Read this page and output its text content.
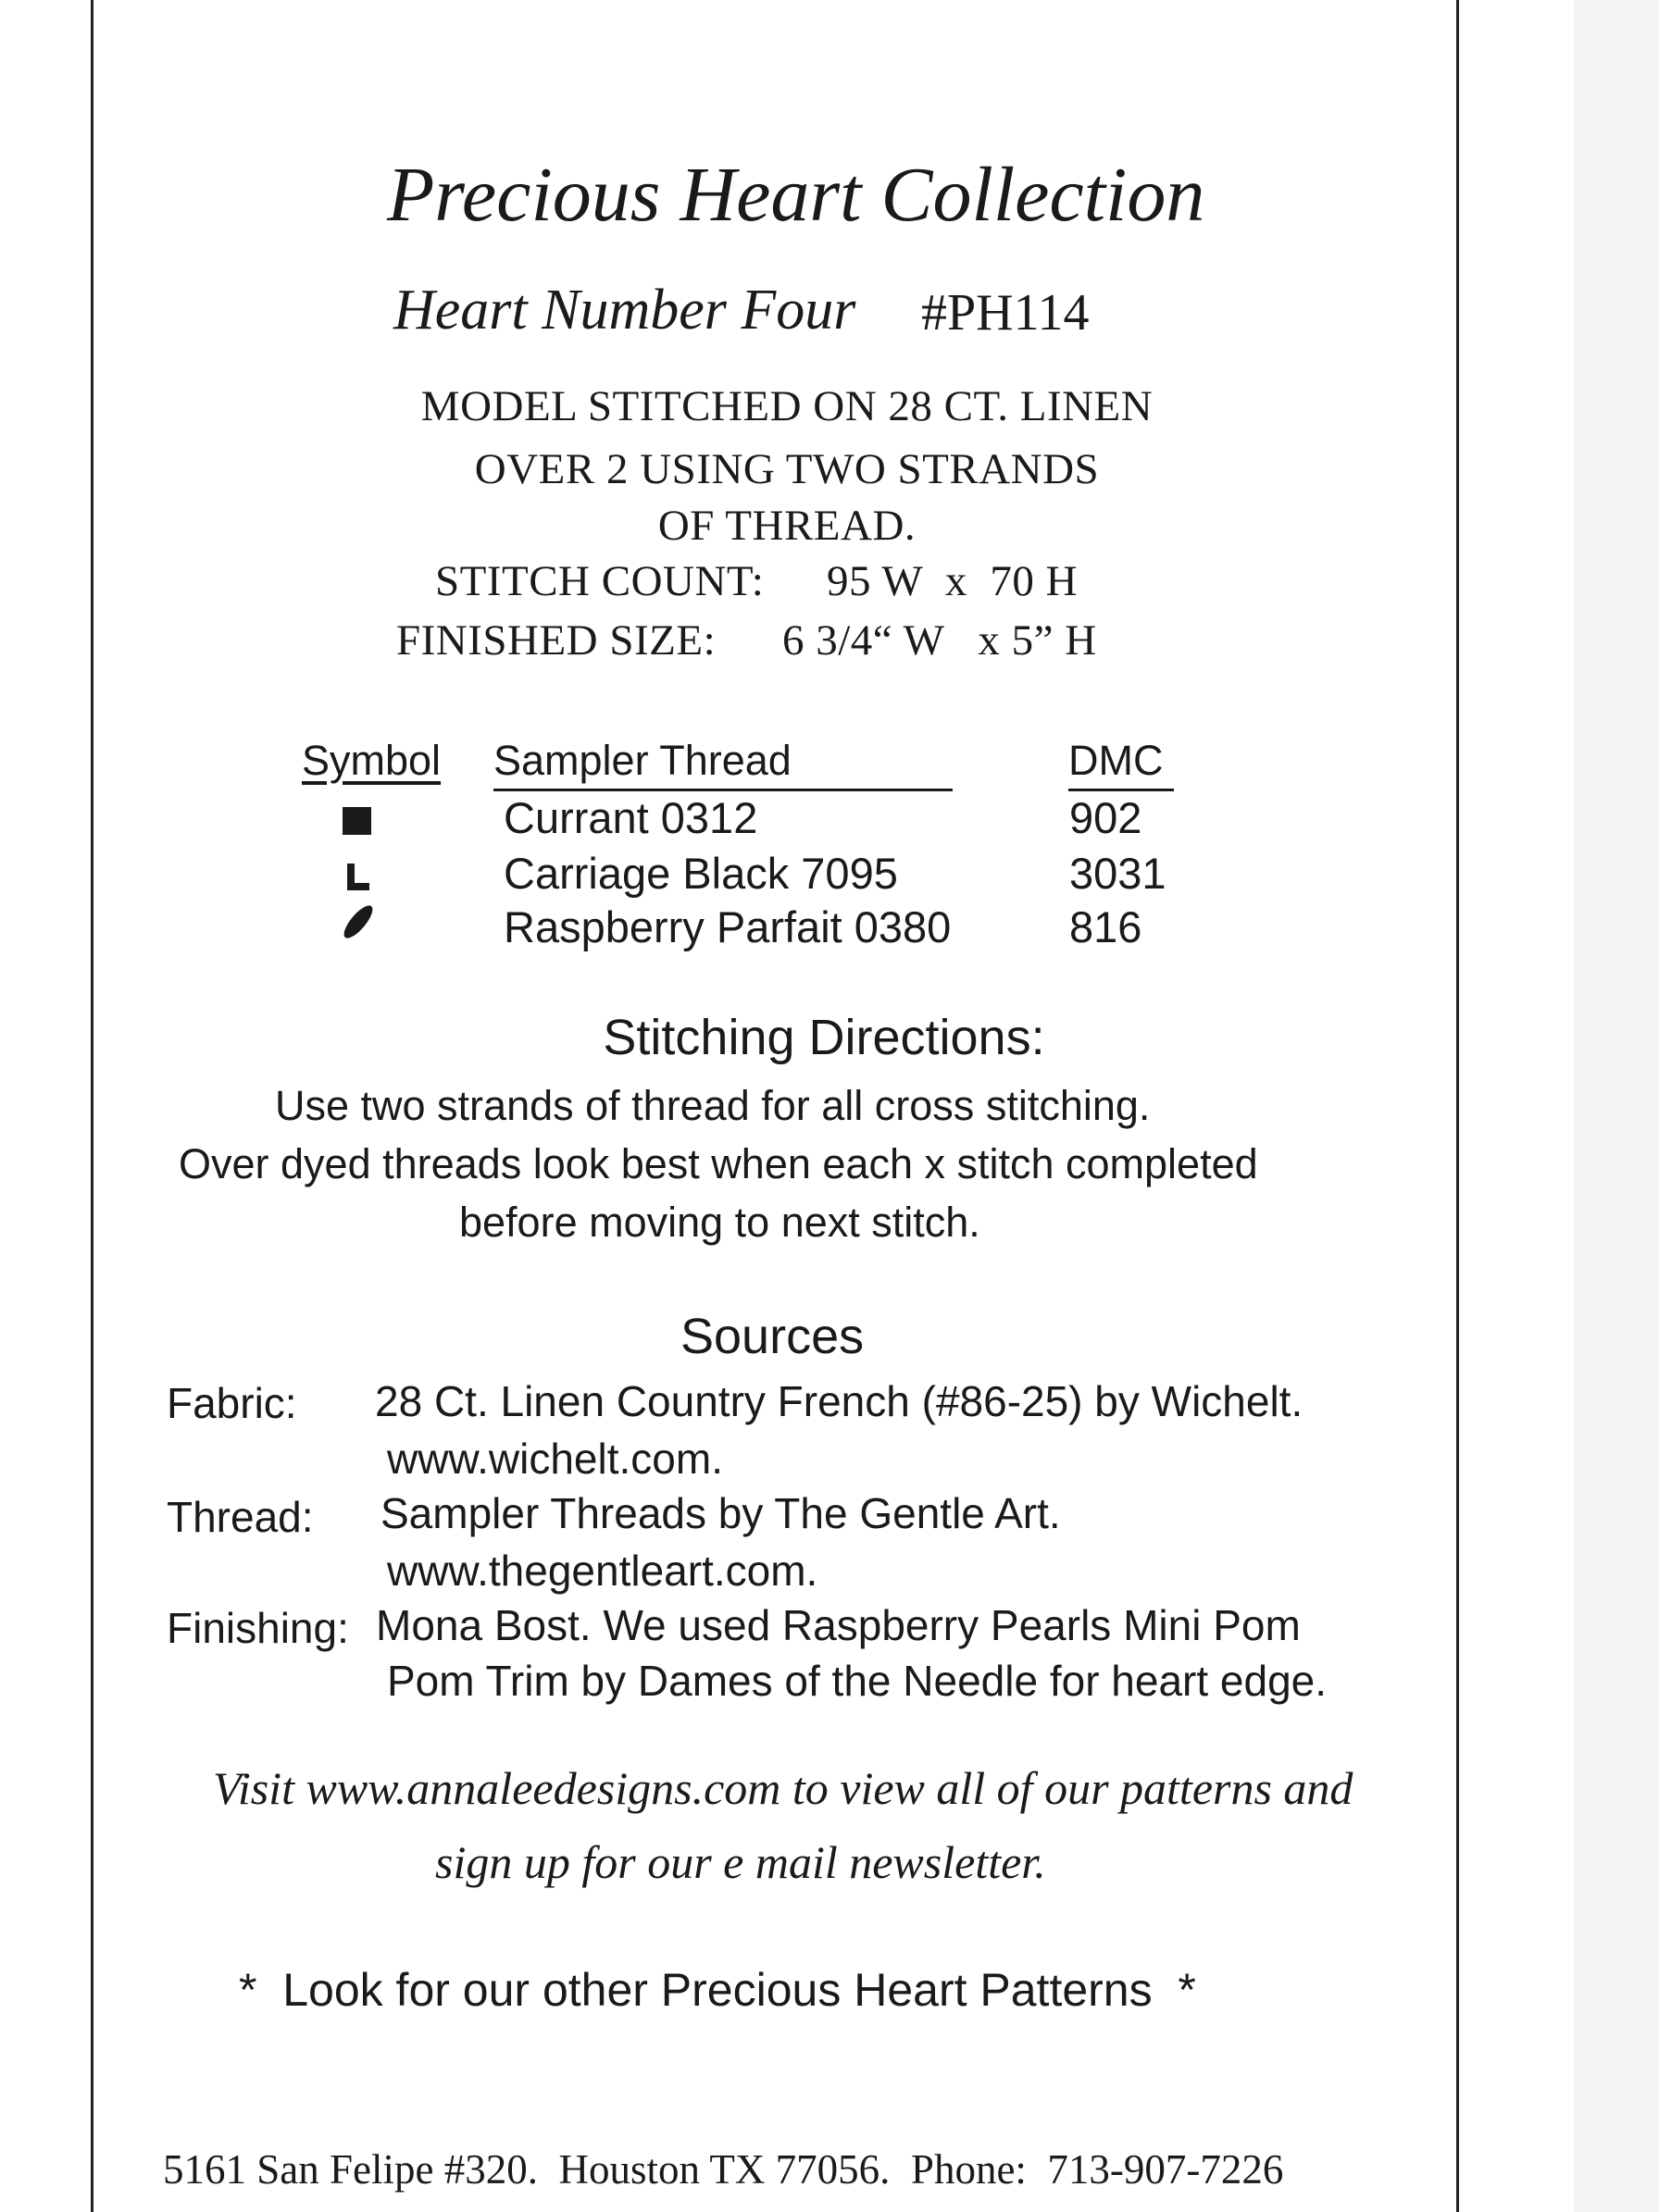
Precious Heart Collection
Heart Number Four #PH114
MODEL STITCHED ON 28 CT. LINEN
OVER 2 USING TWO STRANDS
OF THREAD.
STITCH COUNT: 95 W  x  70 H
FINISHED SIZE: 6 3/4“ W   x 5” H
Symbol Sampler Thread	DMC
Currant 0312	902
Carriage Black 7095	3031
Raspberry Parfait 0380	816
Stitching Directions:
Use two strands of thread for all cross stitching.
Over dyed threads look best when each x stitch completed
before moving to next stitch.
Sources
Fabric: 28 Ct. Linen Country French (#86-25) by Wichelt.
www.wichelt.com.
Thread: Sampler Threads by The Gentle Art.
www.thegentleart.com.
Finishing: Mona Bost. We used Raspberry Pearls Mini Pom
Pom Trim by Dames of the Needle for heart edge.
Visit www.annaleedesigns.com to view all of our patterns and
sign up for our e mail newsletter.
*  Look for our other Precious Heart Patterns  *
5161 San Felipe #320.  Houston TX 77056.  Phone:  713-907-7226
